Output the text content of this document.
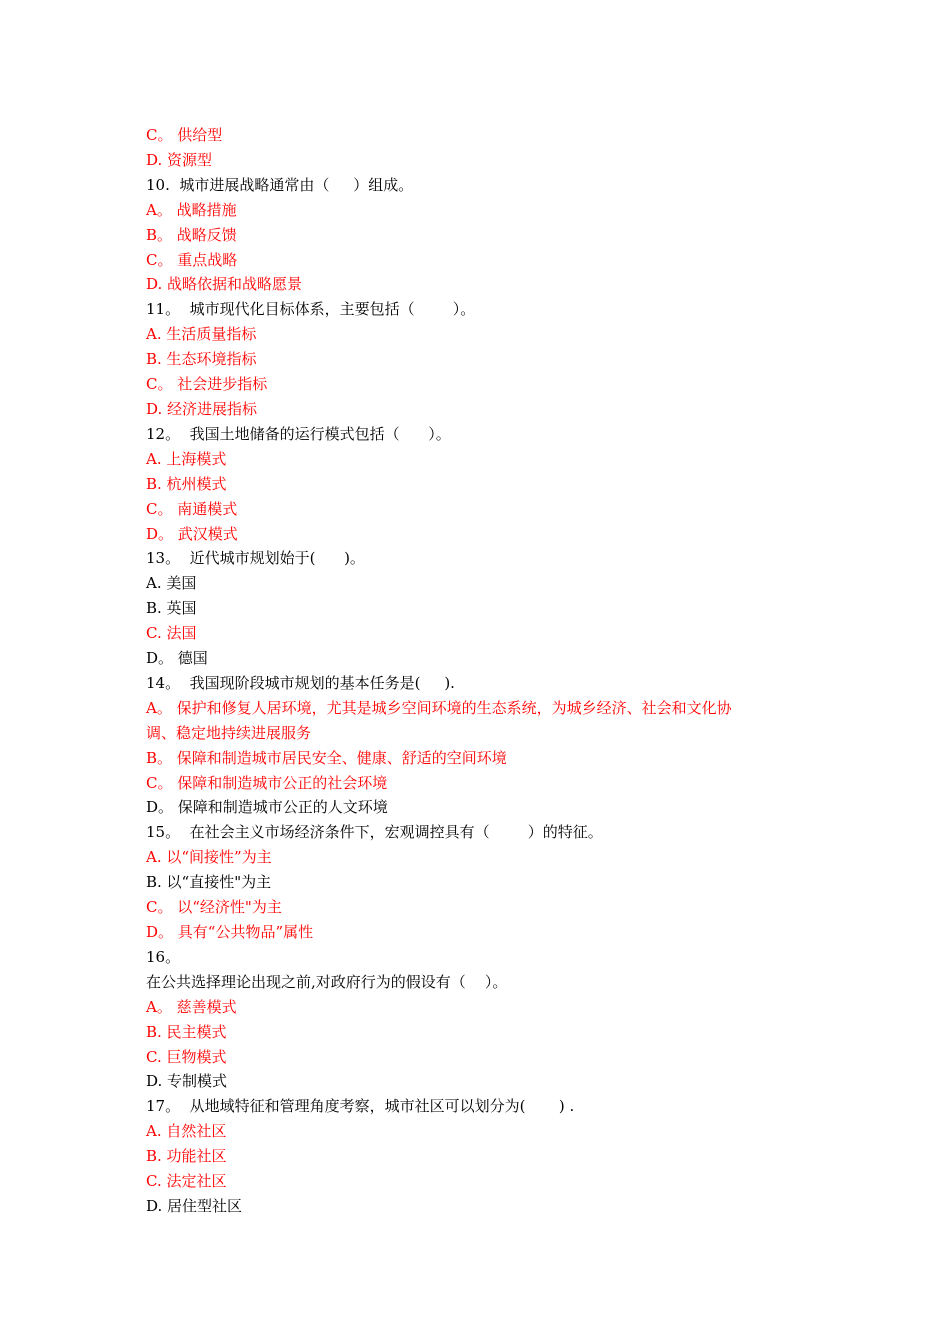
C。 供给型

D. 资源型

10.  城市进展战略通常由（     ）组成。

A。 战略措施

B。 战略反馈

C。 重点战略

D. 战略依据和战略愿景

11。  城市现代化目标体系，主要包括（        ）。

A. 生活质量指标

B. 生态环境指标

C。 社会进步指标

D. 经济进展指标

12。  我国土地储备的运行模式包括（      ）。

A. 上海模式

B. 杭州模式

C。 南通模式

D。 武汉模式

13。  近代城市规划始于(      )。

A. 美国

B. 英国

C. 法国

D。 德国

14。  我国现阶段城市规划的基本任务是(     ).

A。 保护和修复人居环境，尤其是城乡空间环境的生态系统，为城乡经济、社会和文化协

调、稳定地持续进展服务

B。 保障和制造城市居民安全、健康、舒适的空间环境

C。 保障和制造城市公正的社会环境

D。 保障和制造城市公正的人文环境

15。  在社会主义市场经济条件下，宏观调控具有（        ）的特征。

A. 以“间接性”为主

B. 以“直接性"为主

C。 以“经济性"为主

D。 具有“公共物品”属性

16。

在公共选择理论出现之前,对政府行为的假设有（    ）。

A。 慈善模式

B. 民主模式

C. 巨物模式

D. 专制模式

17。  从地域特征和管理角度考察，城市社区可以划分为(       ) .

A. 自然社区

B. 功能社区

C. 法定社区

D. 居住型社区
